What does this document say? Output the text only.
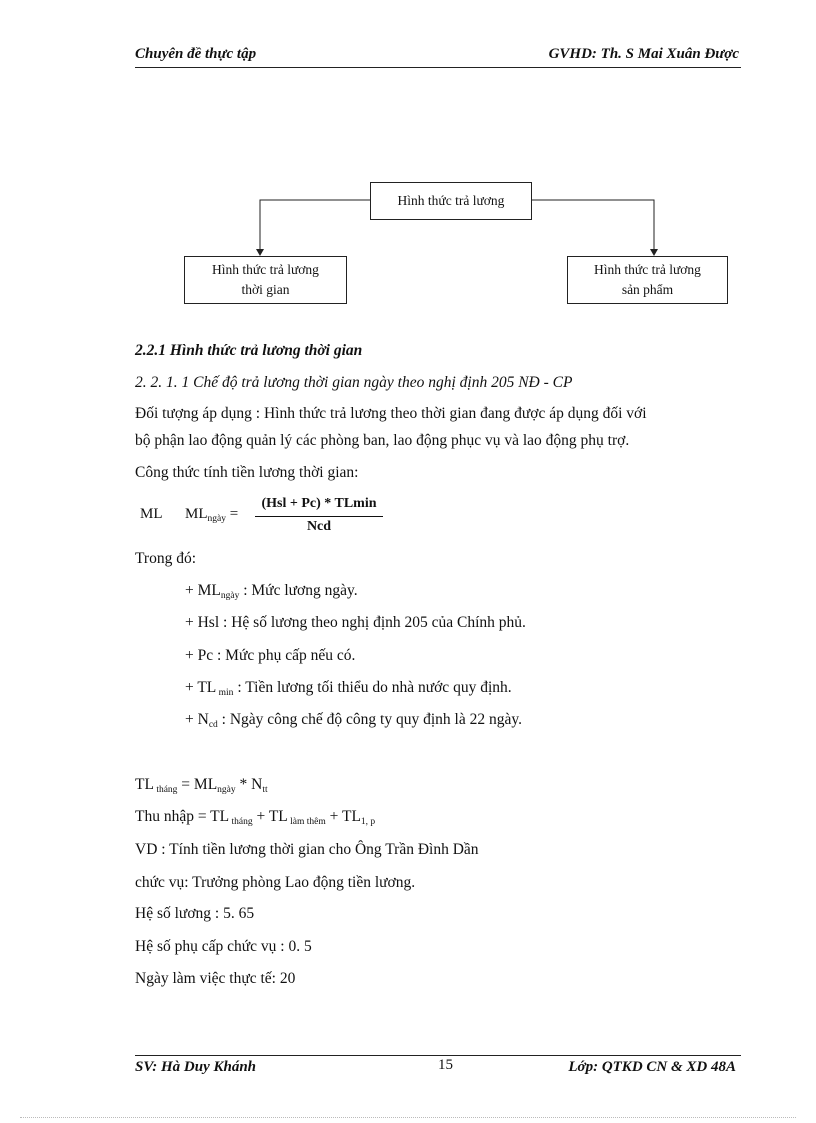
Chuyên đề thực tập	GVHD: Th. S Mai Xuân Được
Hình thức trả lương
Hình thức trả lương
thời gian
Hình thức trả lương
sản phẩm
2.2.1 Hình thức trả lương thời gian
2. 2. 1. 1 Chế độ trả lương thời gian ngày theo nghị định 205 NĐ - CP
Đối tượng áp dụng : Hình thức trả lương theo thời gian đang được áp dụng đối với
bộ phận lao động quản lý các phòng ban, lao động phục vụ và lao động phụ trợ.
Công thức tính tiền lương thời gian:
ML $ML_{ngày}$ =
(Hsl + Pc) * TLmin
Ncd
Trong đó:
+ $ML_{ngày}$ : Mức lương ngày.
+ Hsl : Hệ số lương theo nghị định 205 của Chính phủ.
+ Pc : Mức phụ cấp nếu có.
+ TL $_{min}$ : Tiền lương tối thiểu do nhà nước quy định.
+ $N_{cd}$ : Ngày công chế độ công ty quy định là 22 ngày.
TL $_{tháng} = ML_{ngày} * N_{tt}$
Thu nhập = TL $_{tháng}$ + TL $_{làm thêm} + TL_{1, p}$
VD : Tính tiền lương thời gian cho Ông Trần Đình Dần
chức vụ: Trưởng phòng Lao động tiền lương.
Hệ số lương : 5. 65
Hệ số phụ cấp chức vụ : 0. 5
Ngày làm việc thực tế: 20
SV: Hà Duy Khánh	15	Lớp: QTKD CN & XD 48A
